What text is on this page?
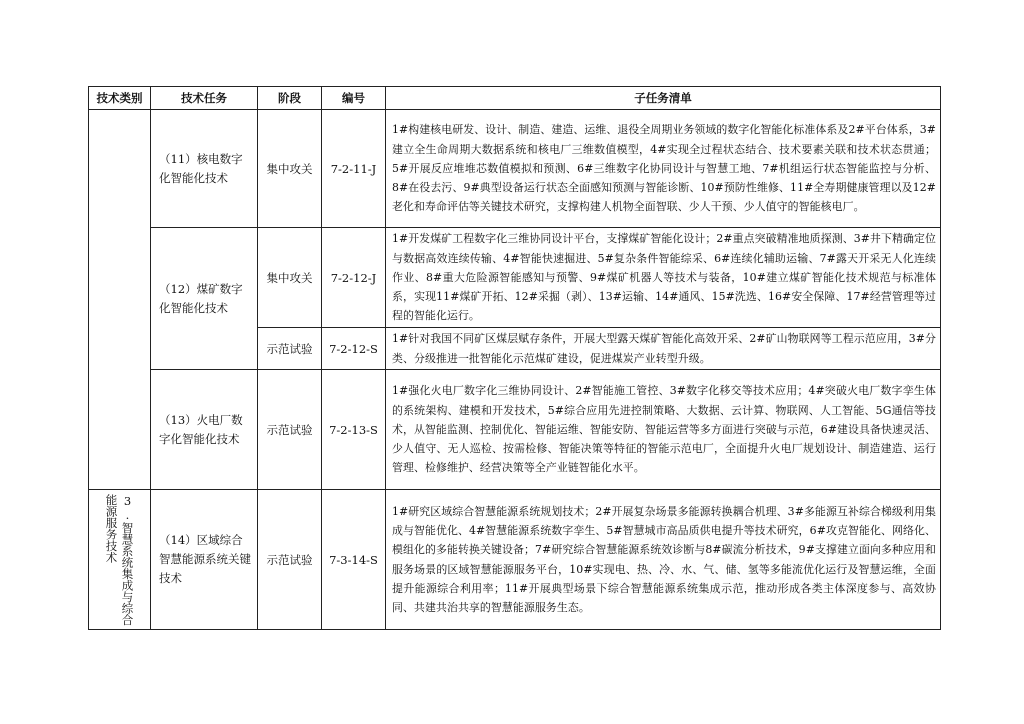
技术类别	技术任务	阶段	编号	子任务清单
	（11）核电数字化智能化技术	集中攻关	7-2-11-J	1#构建核电研发、设计、制造、建造、运维、退役全周期业务领域的数字化智能化标准体系及2#平台体系，3#建立全生命周期大数据系统和核电厂三维数值模型，4#实现全过程状态结合、技术要素关联和技术状态贯通；5#开展反应堆堆芯数值模拟和预测、6#三维数字化协同设计与智慧工地、7#机组运行状态智能监控与分析、8#在役去污、9#典型设备运行状态全面感知预测与智能诊断、10#预防性维修、11#全寿期健康管理以及12#老化和寿命评估等关键技术研究，支撑构建人机物全面智联、少人干预、少人值守的智能核电厂。
	（12）煤矿数字化智能化技术	集中攻关	7-2-12-J	1#开发煤矿工程数字化三维协同设计平台，支撑煤矿智能化设计；2#重点突破精准地质探测、3#井下精确定位与数据高效连续传输、4#智能快速掘进、5#复杂条件智能综采、6#连续化辅助运输、7#露天开采无人化连续作业、8#重大危险源智能感知与预警、9#煤矿机器人等技术与装备，10#建立煤矿智能化技术规范与标准体系，实现11#煤矿开拓、12#采掘（剥）、13#运输、14#通风、15#洗选、16#安全保障、17#经营管理等过程的智能化运行。
		示范试验	7-2-12-S	1#针对我国不同矿区煤层赋存条件，开展大型露天煤矿智能化高效开采、2#矿山物联网等工程示范应用，3#分类、分级推进一批智能化示范煤矿建设，促进煤炭产业转型升级。
	（13）火电厂数字化智能化技术	示范试验	7-2-13-S	1#强化火电厂数字化三维协同设计、2#智能施工管控、3#数字化移交等技术应用；4#突破火电厂数字孪生体的系统架构、建模和开发技术，5#综合应用先进控制策略、大数据、云计算、物联网、人工智能、5G通信等技术，从智能监测、控制优化、智能运维、智能安防、智能运营等多方面进行突破与示范，6#建设具备快速灵活、少人值守、无人巡检、按需检修、智能决策等特征的智能示范电厂，全面提升火电厂规划设计、制造建造、运行管理、检修维护、经营决策等全产业链智能化水平。

3.智慧系统集成与综合
能源服务技术	（14）区域综合智慧能源系统关键技术	示范试验	7-3-14-S	1#研究区域综合智慧能源系统规划技术；2#开展复杂场景多能源转换耦合机理、3#多能源互补综合梯级利用集成与智能优化、4#智慧能源系统数字孪生、5#智慧城市高品质供电提升等技术研究，6#攻克智能化、网络化、模组化的多能转换关键设备；7#研究综合智慧能源系统效诊断与8#碳流分析技术，9#支撑建立面向多种应用和服务场景的区域智慧能源服务平台，10#实现电、热、冷、水、气、储、氢等多能流优化运行及智慧运维，全面提升能源综合利用率；11#开展典型场景下综合智慧能源系统集成示范，推动形成各类主体深度参与、高效协同、共建共治共享的智慧能源服务生态。
